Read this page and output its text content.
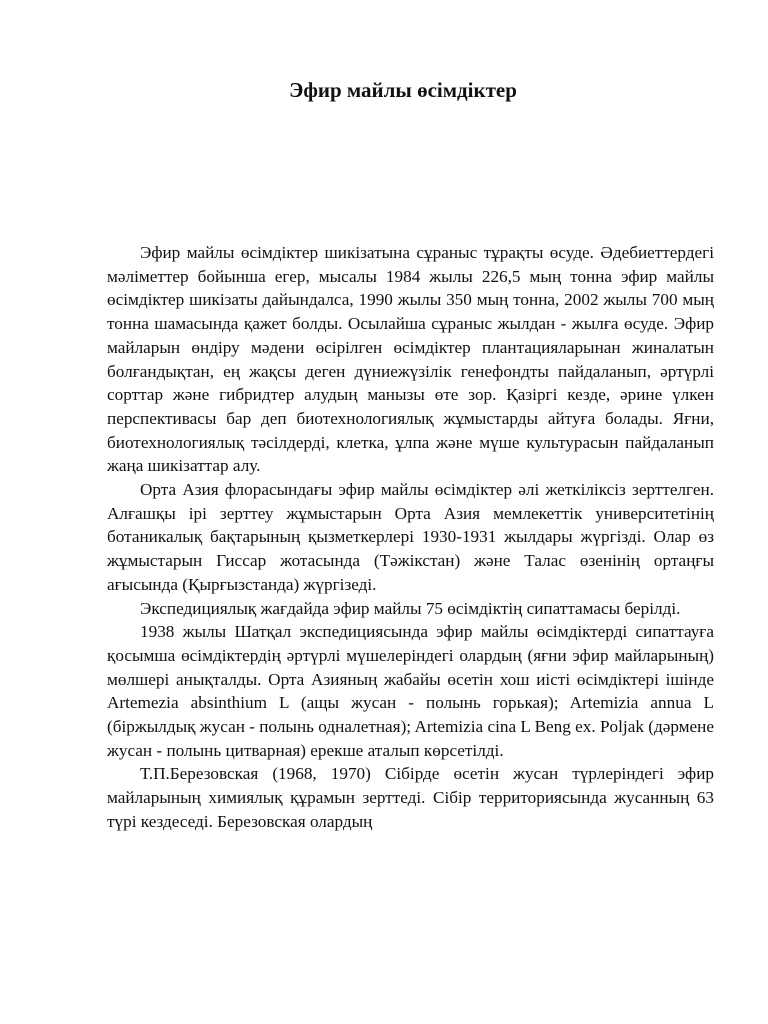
Эфир майлы өсімдіктер

Эфир майлы өсімдіктер шикізатына сұраныс тұрақты өсуде. Әдебиеттердегі мәліметтер бойынша егер, мысалы 1984 жылы 226,5 мың тонна эфир майлы өсімдіктер шикізаты дайындалса, 1990 жылы 350 мың тонна, 2002 жылы 700 мың тонна шамасында қажет болды. Осылайша сұраныс жылдан - жылға өсуде. Эфир майларын өндіру мәдени өсірілген өсімдіктер плантацияларынан жиналатын болғандықтан, ең жақсы деген дүниежүзілік генефондты пайдаланып, әртүрлі сорттар және гибридтер алудың манызы өте зор. Қазіргі кезде, әрине үлкен перспективасы бар деп биотехнологиялық жұмыстарды айтуға болады. Яғни, биотехнологиялық тәсілдерді, клетка, ұлпа және мүше культурасын пайдаланып жаңа шикізаттар алу.

Орта Азия флорасындағы эфир майлы өсімдіктер әлі жеткіліксіз зерттелген. Алғашқы ірі зерттеу жұмыстарын Орта Азия мемлекеттік университетінің ботаникалық бақтарының қызметкерлері 1930-1931 жылдары жүргізді. Олар өз жұмыстарын Гиссар жотасында (Тәжікстан) және Талас өзенінің ортаңғы ағысында (Қырғызстанда) жүргізеді.

Экспедициялық жағдайда эфир майлы 75 өсімдіктің сипаттамасы берілді.

1938 жылы Шатқал экспедициясында эфир майлы өсімдіктерді сипаттауға қосымша өсімдіктердің әртүрлі мүшелеріндегі олардың (яғни эфир майларының) мөлшері анықталды. Орта Азияның жабайы өсетін хош иісті өсімдіктері ішінде Artemezia absinthium L (ащы жусан - полынь горькая); Artemizia annua L (біржылдық жусан - полынь одналетная); Artemizia cina L Beng ex. Poljak (дәрмене жусан - полынь цитварная) ерекше аталып көрсетілді.

Т.П.Березовская (1968, 1970) Сібірде өсетін жусан түрлеріндегі эфир майларының химиялық құрамын зерттеді. Сібір территориясында жусанның 63 түрі кездеседі. Березовская олардың
